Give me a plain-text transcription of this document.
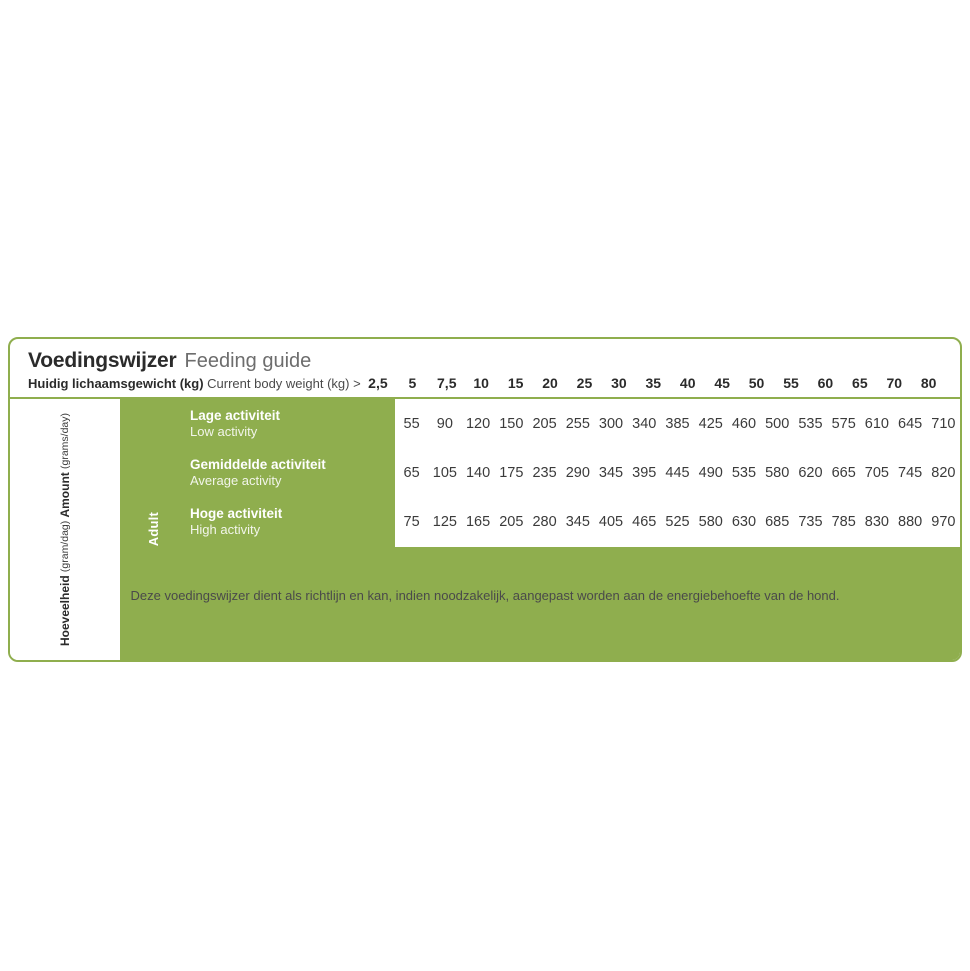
Voedingswijzer Feeding guide
Huidig lichaamsgewicht (kg) Current body weight (kg) > 2,5	5	7,5	10	15	20	25	30	35	40	45	50	55	60	65	70	80
Hoeveelheid (gram/dag) Amount (grams/day)
Adult
Lage activiteit
Low activity	55	90 120 150 205 255 300 340 385 425 460 500 535 575 610 645 710
Gemiddelde activiteit
Average activity	65 105 140 175 235 290 345 395 445 490 535 580 620 665 705 745 820
Hoge activiteit
High activity	75 125 165 205 280 345 405 465 525 580 630 685 735 785 830 880 970
Deze voedingswijzer dient als richtlijn en kan, indien noodzakelijk, aangepast worden aan de energiebehoefte van de hond.
